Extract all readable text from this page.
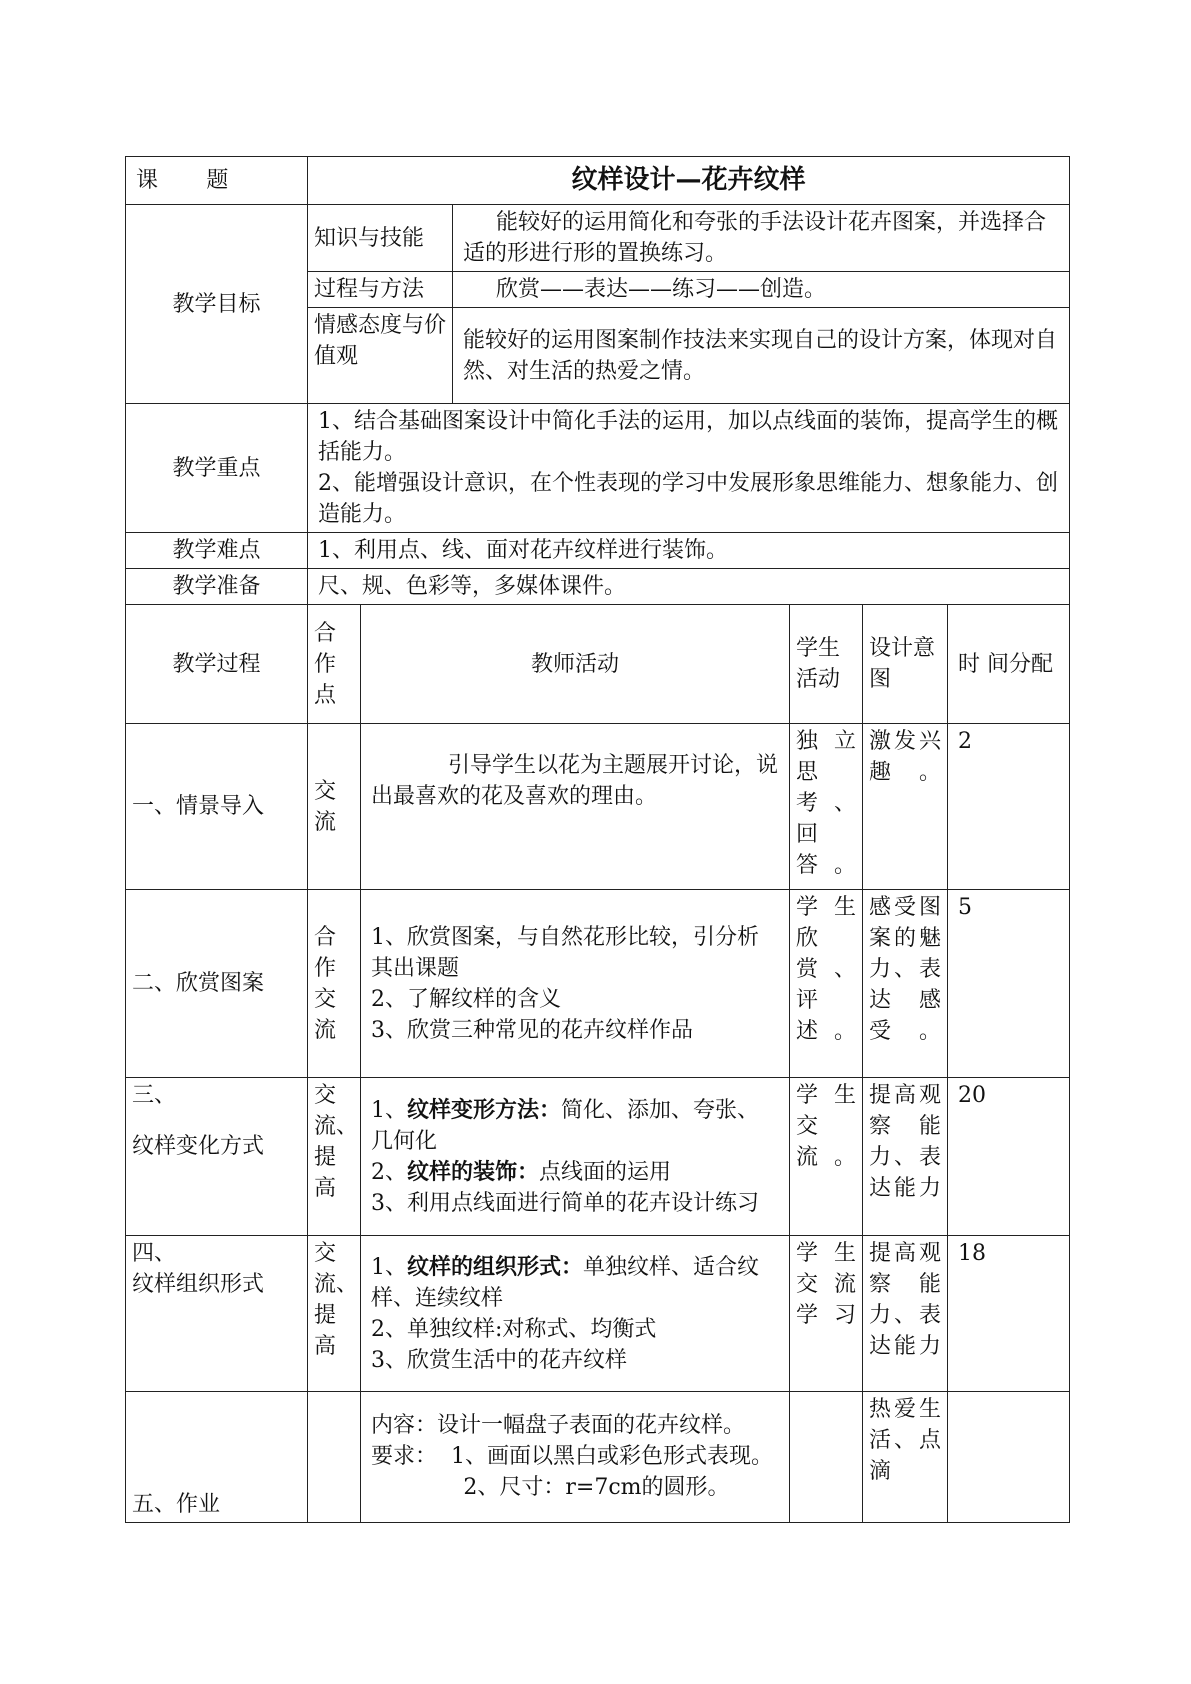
课题	纹样设计—花卉纹样					
教学目标	知识与技能		能较好的运用简化和夸张的手法设计花卉图案，并选择合适的形进行形的置换练习。			
	过程与方法		欣赏——表达——练习——创造。			
	情感态度与价值观		能较好的运用图案制作技法来实现自己的设计方案，体现对自然、对生活的热爱之情。			
教学重点	1、结合基础图案设计中简化手法的运用，加以点线面的装饰，提高学生的概括能力。
2、能增强设计意识，在个性表现的学习中发展形象思维能力、想象能力、创造能力。					

教学难点	1、利用点、线、面对花卉纹样进行装饰。					
教学准备	尺、规、色彩等，多媒体课件。					
教学过程	合作点	教师活动		学生活动	设计意图	时 间分配
一、情景导入	交流	引导学生以花为主题展开讨论，说出最喜欢的花及喜欢的理由。		独立思考、回答。	激发兴趣。	2
二、欣赏图案	合作交流	1、欣赏图案，与自然花形比较，引分析其出课题
2、了解纹样的含义
3、欣赏三种常见的花卉纹样作品		学生欣赏、评述。	感受图案的魅力、表达感受。	5

三、
纹样变化方式	交流、提高	1、纹样变形方法：简化、添加、夸张、几何化
2、纹样的装饰：点线面的运用
3、利用点线面进行简单的花卉设计练习		学生交流。	提高观察能力、表达能力	20

四、
纹样组织形式	交流、提高	1、纹样的组织形式：单独纹样、适合纹样、连续纹样
2、单独纹样:对称式、均衡式
3、欣赏生活中的花卉纹样		学生交流学习	提高观察能力、表达能力	18
五、作业		内容：设计一幅盘子表面的花卉纹样。
要求：  1、画面以黑白或彩色形式表现。
2、尺寸：r=7cm的圆形。			热爱生活、点滴	
